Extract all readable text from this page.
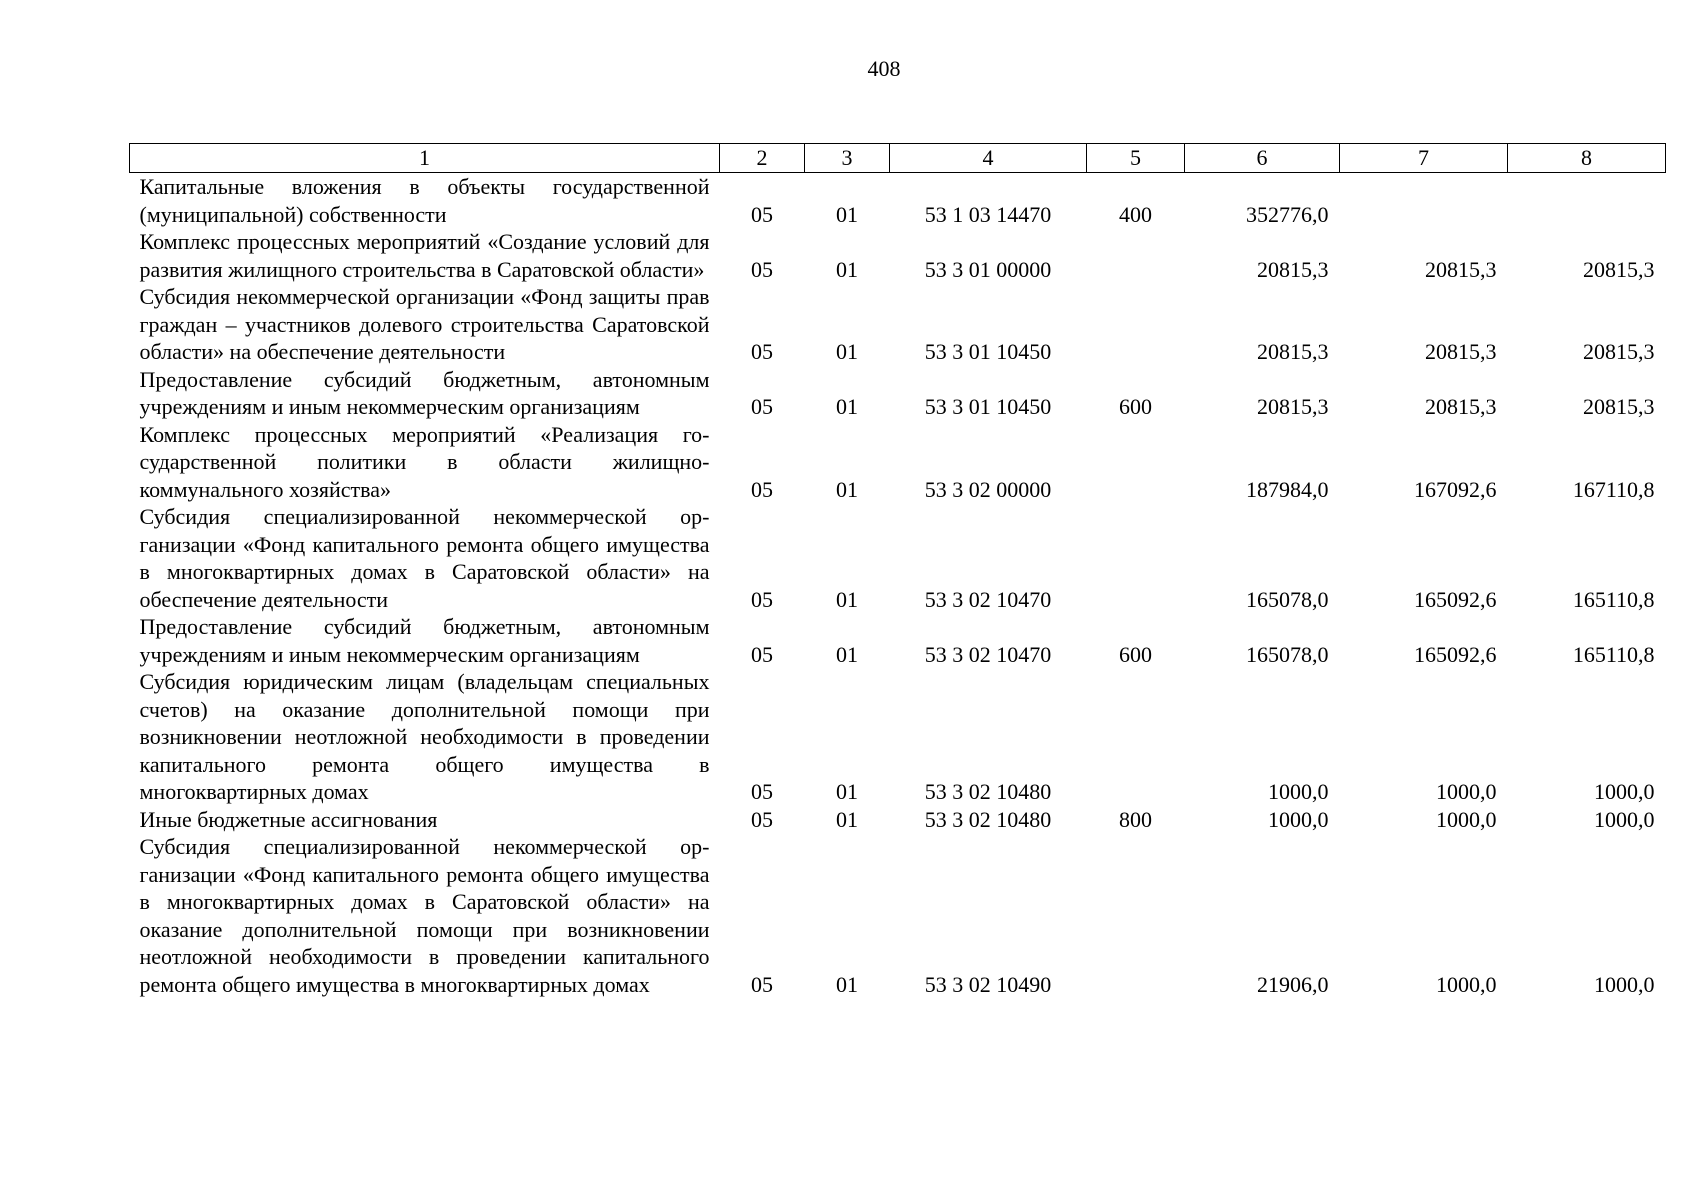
408
1	2	3	4	5	6	7	8
Капитальные вложения в объекты государственной (муниципальной) собственности	05	01	53 1 03 14470	400	352776,0		
Комплекс процессных мероприятий «Создание условий для развития жилищного строительства в Саратовской области»	05	01	53 3 01 00000		20815,3	20815,3	20815,3
Субсидия некоммерческой организации «Фонд защиты прав граждан – участников долевого строительства Саратовской области» на обеспечение деятельности	05	01	53 3 01 10450		20815,3	20815,3	20815,3
Предоставление субсидий бюджетным, автономным учреждениям и иным некоммерческим организациям	05	01	53 3 01 10450	600	20815,3	20815,3	20815,3
Комплекс процессных мероприятий «Реализация государственной политики в области жилищно-коммунального хозяйства»	05	01	53 3 02 00000		187984,0	167092,6	167110,8
Субсидия специализированной некоммерческой организации «Фонд капитального ремонта общего имущества в многоквартирных домах в Саратовской области» на обеспечение деятельности	05	01	53 3 02 10470		165078,0	165092,6	165110,8
Предоставление субсидий бюджетным, автономным учреждениям и иным некоммерческим организациям	05	01	53 3 02 10470	600	165078,0	165092,6	165110,8
Субсидия юридическим лицам (владельцам специальных счетов) на оказание дополнительной помощи при возникновении неотложной необходимости в проведении капитального ремонта общего имущества в многоквартирных домах	05	01	53 3 02 10480		1000,0	1000,0	1000,0
Иные бюджетные ассигнования	05	01	53 3 02 10480	800	1000,0	1000,0	1000,0
Субсидия специализированной некоммерческой организации «Фонд капитального ремонта общего имущества в многоквартирных домах в Саратовской области» на оказание дополнительной помощи при возникновении неотложной необходимости в проведении капитального ремонта общего имущества в многоквартирных домах	05	01	53 3 02 10490		21906,0	1000,0	1000,0
